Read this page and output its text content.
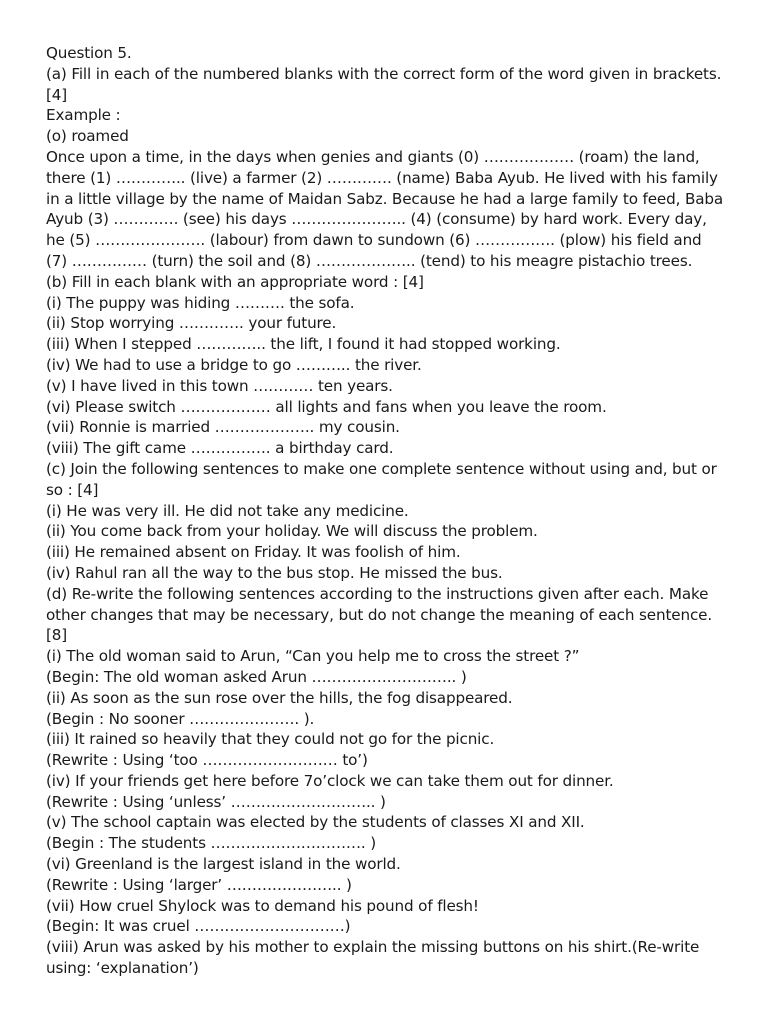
Question 5.

(a) Fill in each of the numbered blanks with the correct form of the word given in brackets. [4]

Example :

(o) roamed

Once upon a time, in the days when genies and giants (0) ……………… (roam) the land, there (1) ………….. (live) a farmer (2) …………. (name) Baba Ayub. He lived with his family in a little village by the name of Maidan Sabz. Because he had a large family to feed, Baba Ayub (3) …………. (see) his days ………………….. (4) (consume) by hard work. Every day, he (5) …………………. (labour) from dawn to sundown (6) ……………. (plow) his field and (7) …………… (turn) the soil and (8) ……………….. (tend) to his meagre pistachio trees.

(b) Fill in each blank with an appropriate word : [4]

(i) The puppy was hiding ………. the sofa.

(ii) Stop worrying …………. your future.

(iii) When I stepped ………….. the lift, I found it had stopped working.

(iv) We had to use a bridge to go ……….. the river.

(v) I have lived in this town ………… ten years.

(vi) Please switch ……………… all lights and fans when you leave the room.

(vii) Ronnie is married ……………….. my cousin.

(viii) The gift came ……………. a birthday card.

(c) Join the following sentences to make one complete sentence without using and, but or so : [4]

(i) He was very ill. He did not take any medicine.

(ii) You come back from your holiday. We will discuss the problem.

(iii) He remained absent on Friday. It was foolish of him.

(iv) Rahul ran all the way to the bus stop. He missed the bus.

(d) Re-write the following sentences according to the instructions given after each. Make other changes that may be necessary, but do not change the meaning of each sentence. [8]

(i) The old woman said to Arun, “Can you help me to cross the street ?”

(Begin: The old woman asked Arun ……………………….. )

(ii) As soon as the sun rose over the hills, the fog disappeared.

(Begin : No sooner …………………. ).

(iii) It rained so heavily that they could not go for the picnic.

(Rewrite : Using ‘too ……………………… to’)

(iv) If your friends get here before 7o’clock we can take them out for dinner.

(Rewrite : Using ‘unless’ ……………………….. )

(v) The school captain was elected by the students of classes XI and XII.

(Begin : The students …………………………. )

(vi) Greenland is the largest island in the world.

(Rewrite : Using ‘larger’ ………………….. )

(vii) How cruel Shylock was to demand his pound of flesh!

(Begin: It was cruel …………………………)

(viii) Arun was asked by his mother to explain the missing buttons on his shirt.(Re-write using: ‘explanation’)
